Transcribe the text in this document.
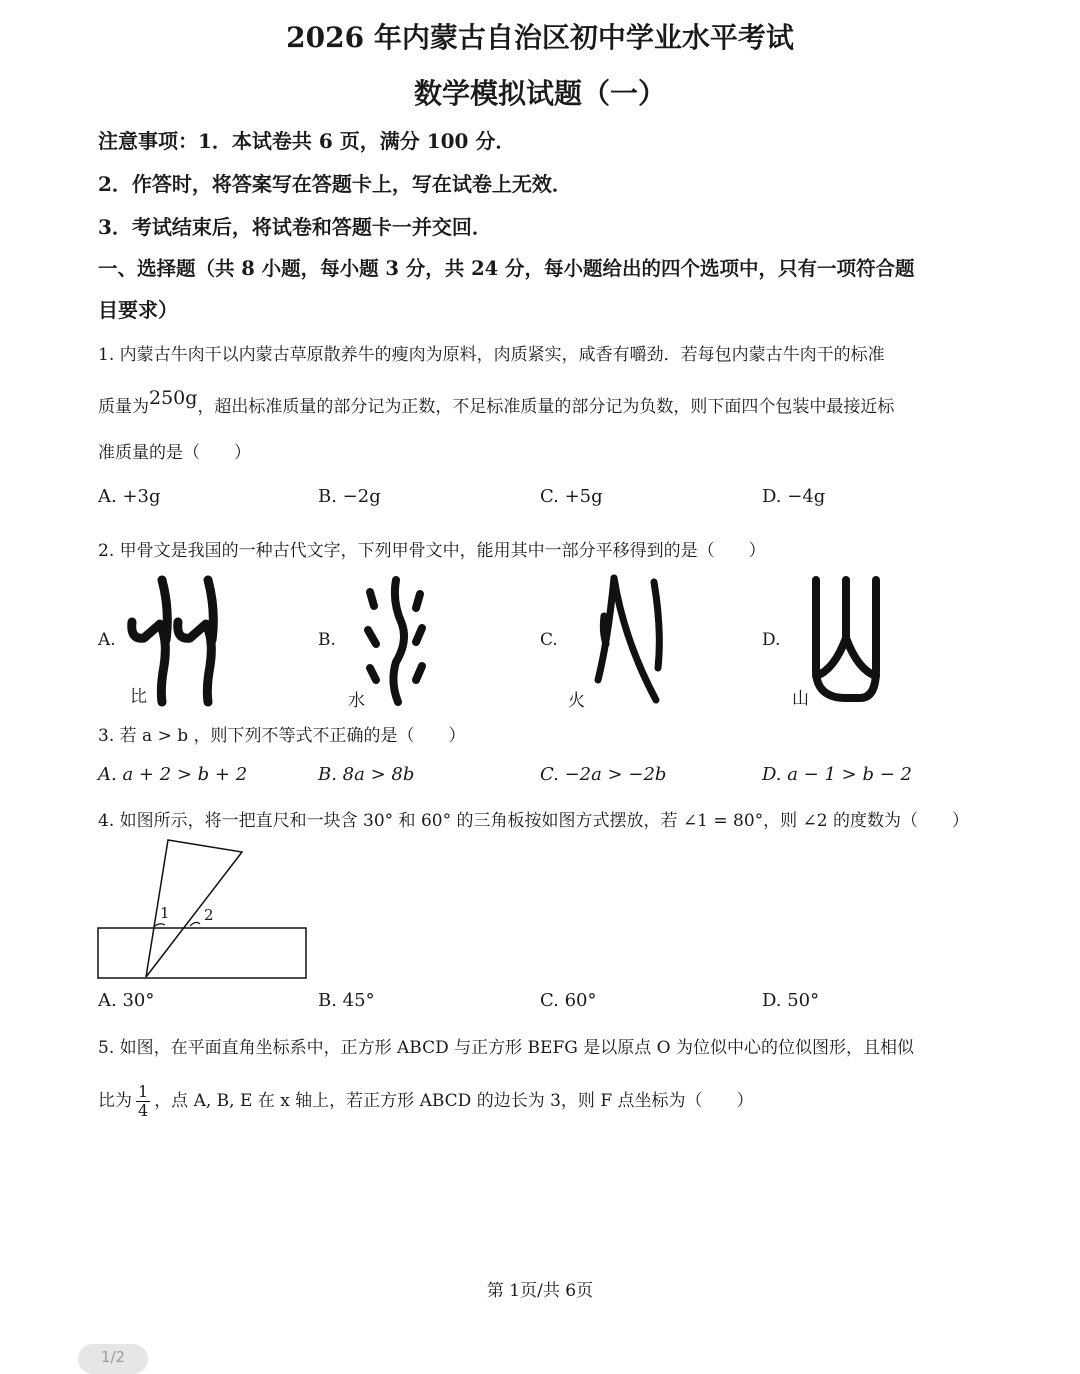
2026 年内蒙古自治区初中学业水平考试
数学模拟试题（一）
注意事项：1．本试卷共 6 页，满分 100 分．
2．作答时，将答案写在答题卡上，写在试卷上无效．
3．考试结束后，将试卷和答题卡一并交回．
一、选择题（共 8 小题，每小题 3 分，共 24 分，每小题给出的四个选项中，只有一项符合题
目要求）
1. 内蒙古牛肉干以内蒙古草原散养牛的瘦肉为原料，肉质紧实，咸香有嚼劲．若每包内蒙古牛肉干的标准
质量为250g，超出标准质量的部分记为正数，不足标准质量的部分记为负数，则下面四个包装中最接近标
准质量的是（　　）
A. +3g	B. −2g	C. +5g	D. −4g
2. 甲骨文是我国的一种古代文字，下列甲骨文中，能用其中一部分平移得到的是（　　）
A.	B.	C.	D.
比	水	火	山
3. 若 a > b ，则下列不等式不正确的是（　　）
A. a + 2 > b + 2	B. 8a > 8b	C. −2a > −2b	D. a − 1 > b − 2
4. 如图所示，将一把直尺和一块含 30° 和 60° 的三角板按如图方式摆放，若 ∠1 = 80°，则 ∠2 的度数为（　　）
1 2
A. 30°	B. 45°	C. 60°	D. 50°
5. 如图，在平面直角坐标系中，正方形 ABCD 与正方形 BEFG 是以原点 O 为位似中心的位似图形，且相似
比为 $\frac{1}{4}$ ，点 A, B, E 在 x 轴上，若正方形 ABCD 的边长为 3，则 F 点坐标为（　　）
第 1页/共 6页
1/2
